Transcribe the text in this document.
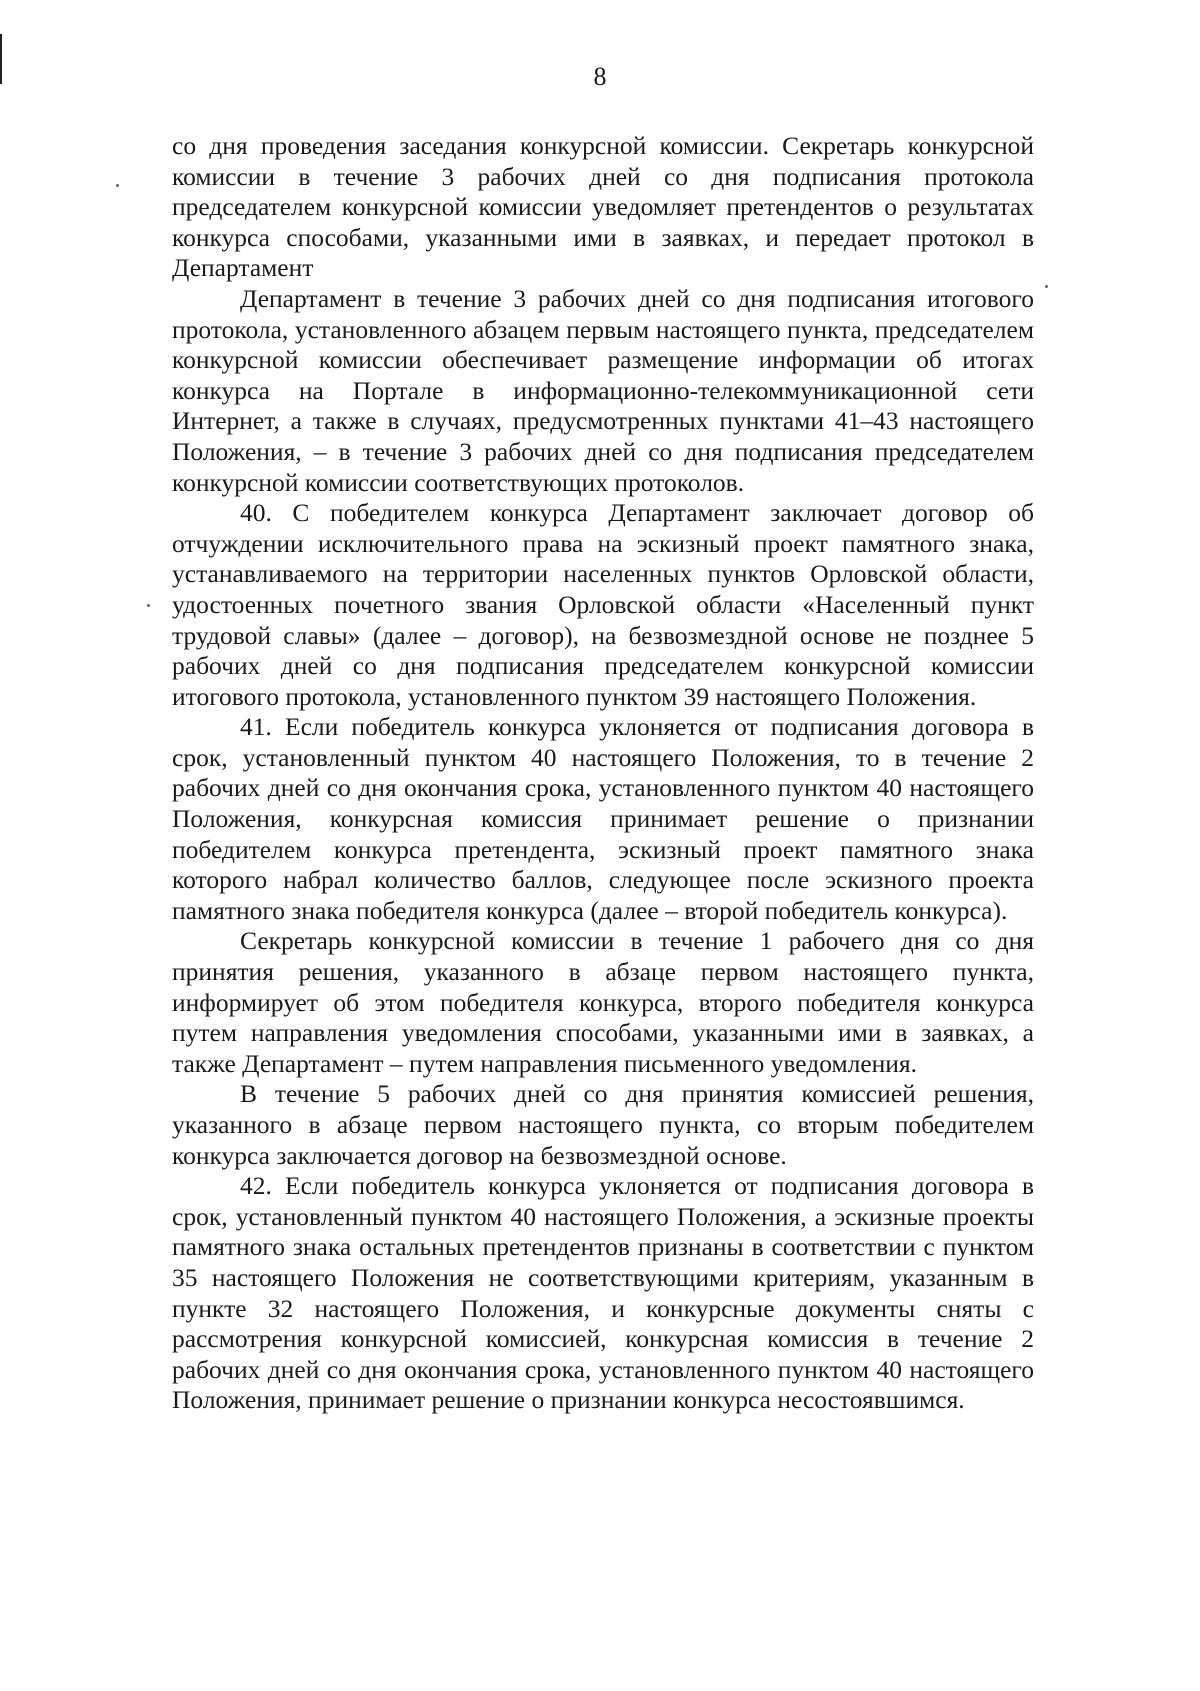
8

со дня проведения заседания конкурсной комиссии. Секретарь конкурсной комиссии в течение 3 рабочих дней со дня подписания протокола председателем конкурсной комиссии уведомляет претендентов о результатах конкурса способами, указанными ими в заявках, и передает протокол в Департамент

Департамент в течение 3 рабочих дней со дня подписания итогового протокола, установленного абзацем первым настоящего пункта, председателем конкурсной комиссии обеспечивает размещение информации об итогах конкурса на Портале в информационно-телекоммуникационной сети Интернет, а также в случаях, предусмотренных пунктами 41–43 настоящего Положения, – в течение 3 рабочих дней со дня подписания председателем конкурсной комиссии соответствующих протоколов.

40. С победителем конкурса Департамент заключает договор об отчуждении исключительного права на эскизный проект памятного знака, устанавливаемого на территории населенных пунктов Орловской области, удостоенных почетного звания Орловской области «Населенный пункт трудовой славы» (далее – договор), на безвозмездной основе не позднее 5 рабочих дней со дня подписания председателем конкурсной комиссии итогового протокола, установленного пунктом 39 настоящего Положения.

41. Если победитель конкурса уклоняется от подписания договора в срок, установленный пунктом 40 настоящего Положения, то в течение 2 рабочих дней со дня окончания срока, установленного пунктом 40 настоящего Положения, конкурсная комиссия принимает решение о признании победителем конкурса претендента, эскизный проект памятного знака которого набрал количество баллов, следующее после эскизного проекта памятного знака победителя конкурса (далее – второй победитель конкурса).

Секретарь конкурсной комиссии в течение 1 рабочего дня со дня принятия решения, указанного в абзаце первом настоящего пункта, информирует об этом победителя конкурса, второго победителя конкурса путем направления уведомления способами, указанными ими в заявках, а также Департамент – путем направления письменного уведомления.

В течение 5 рабочих дней со дня принятия комиссией решения, указанного в абзаце первом настоящего пункта, со вторым победителем конкурса заключается договор на безвозмездной основе.

42. Если победитель конкурса уклоняется от подписания договора в срок, установленный пунктом 40 настоящего Положения, а эскизные проекты памятного знака остальных претендентов признаны в соответствии с пунктом 35 настоящего Положения не соответствующими критериям, указанным в пункте 32 настоящего Положения, и конкурсные документы сняты с рассмотрения конкурсной комиссией, конкурсная комиссия в течение 2 рабочих дней со дня окончания срока, установленного пунктом 40 настоящего Положения, принимает решение о признании конкурса несостоявшимся.
